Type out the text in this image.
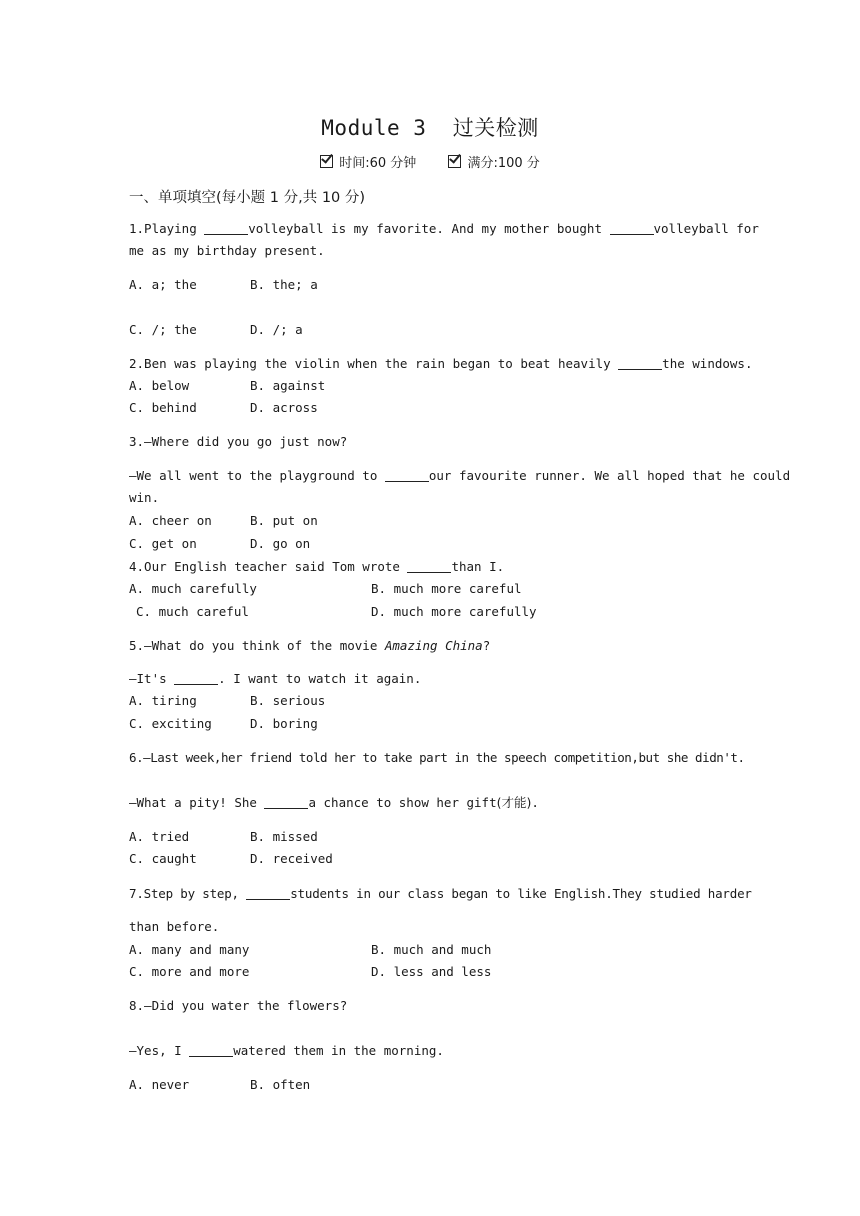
Module 3  过关检测
时间:60 分钟	满分:100 分
一、单项填空(每小题 1 分,共 10 分)
1.Playing	volleyball is my favorite. And my mother bought	volleyball for
me as my birthday present.
A. a; the	B. the; a
C. /; the	D. /; a
2.Ben was playing the violin when the rain began to beat heavily	the windows.
A. below	B. against
C. behind	D. across
3.—Where did you go just now?
—We all went to the playground to	our favourite runner. We all hoped that he could
win.
A. cheer on	B. put on
C. get on	D. go on
4.Our English teacher said Tom wrote	than I.
A. much carefully	B. much more careful
C. much careful	D. much more carefully
5.—What do you think of the movie Amazing China?
—It's	. I want to watch it again.
A. tiring	B. serious
C. exciting	D. boring
6.—Last week,her friend told her to take part in the speech competition,but she didn't.
—What a pity! She	a chance to show her gift(才能).
A. tried	B. missed
C. caught	D. received
7.Step by step,	students in our class began to like English.They studied harder
than before.
A. many and many	B. much and much
C. more and more	D. less and less
8.—Did you water the flowers?
—Yes, I	watered them in the morning.
A. never	B. often
